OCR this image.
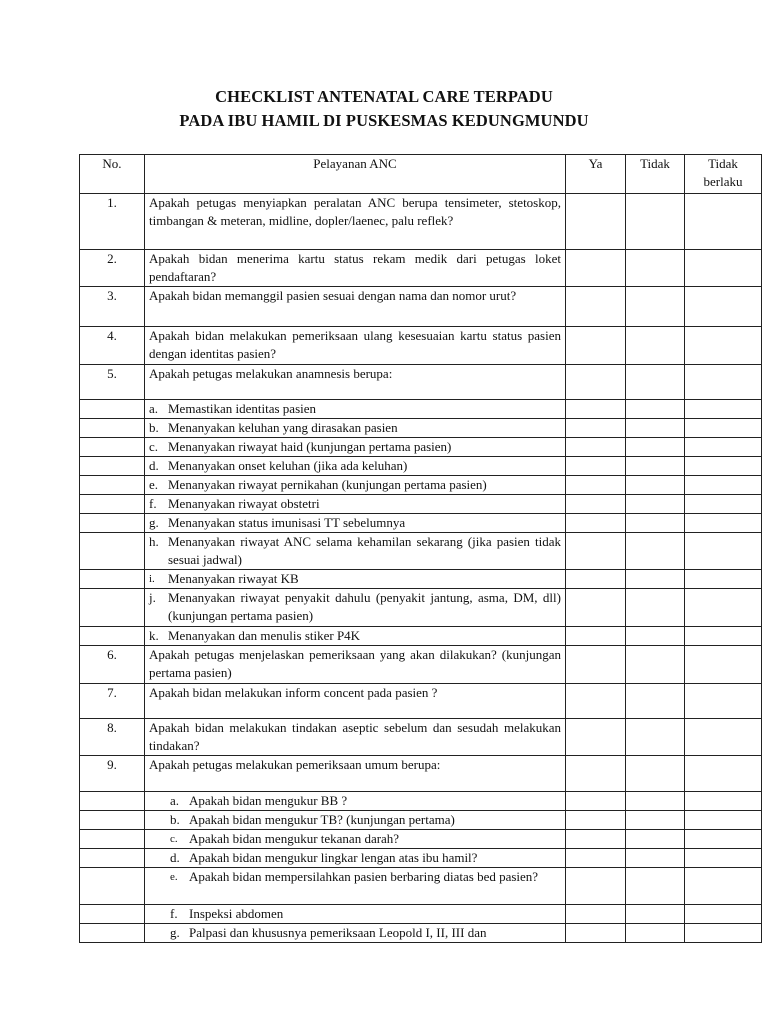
CHECKLIST ANTENATAL CARE TERPADU
PADA IBU HAMIL DI PUSKESMAS KEDUNGMUNDU
No.	Pelayanan ANC	Ya	Tidak	Tidak berlaku
1.	Apakah petugas menyiapkan peralatan ANC berupa tensimeter, stetoskop, timbangan & meteran, midline, dopler/laenec, palu reflek?			
2.	Apakah bidan menerima kartu status rekam medik dari petugas loket pendaftaran?			
3.	Apakah bidan memanggil pasien sesuai dengan nama dan nomor urut?			
4.	Apakah bidan melakukan pemeriksaan ulang kesesuaian kartu status pasien dengan identitas pasien?			
5.	Apakah petugas melakukan anamnesis berupa:			

	a. Memastikan identitas pasien			

	b. Menanyakan keluhan yang dirasakan pasien			

	c. Menanyakan riwayat haid (kunjungan pertama pasien)			

	d. Menanyakan onset keluhan (jika ada keluhan)			

	e. Menanyakan riwayat pernikahan (kunjungan pertama pasien)			

	f. Menanyakan riwayat obstetri			

	g. Menanyakan status imunisasi TT sebelumnya			

	h. Menanyakan riwayat ANC selama kehamilan sekarang (jika pasien tidak sesuai jadwal)			

	i. Menanyakan riwayat KB			

	j. Menanyakan riwayat penyakit dahulu (penyakit jantung, asma, DM, dll) (kunjungan pertama pasien)			

	k. Menanyakan dan menulis stiker P4K			

6.	Apakah petugas menjelaskan pemeriksaan yang akan dilakukan? (kunjungan pertama pasien)			
7.	Apakah bidan melakukan inform concent pada pasien ?			
8.	Apakah bidan melakukan tindakan aseptic sebelum dan sesudah melakukan tindakan?			
9.	Apakah petugas melakukan pemeriksaan umum berupa:			

	a. Apakah bidan mengukur BB ?			

	b. Apakah bidan mengukur TB? (kunjungan pertama)			

	c. Apakah bidan mengukur tekanan darah?			

	d. Apakah bidan mengukur lingkar lengan atas ibu hamil?			

	e. Apakah bidan mempersilahkan pasien berbaring diatas bed pasien?			

	f. Inspeksi abdomen			

	g. Palpasi dan khususnya pemeriksaan Leopold I, II, III dan			
